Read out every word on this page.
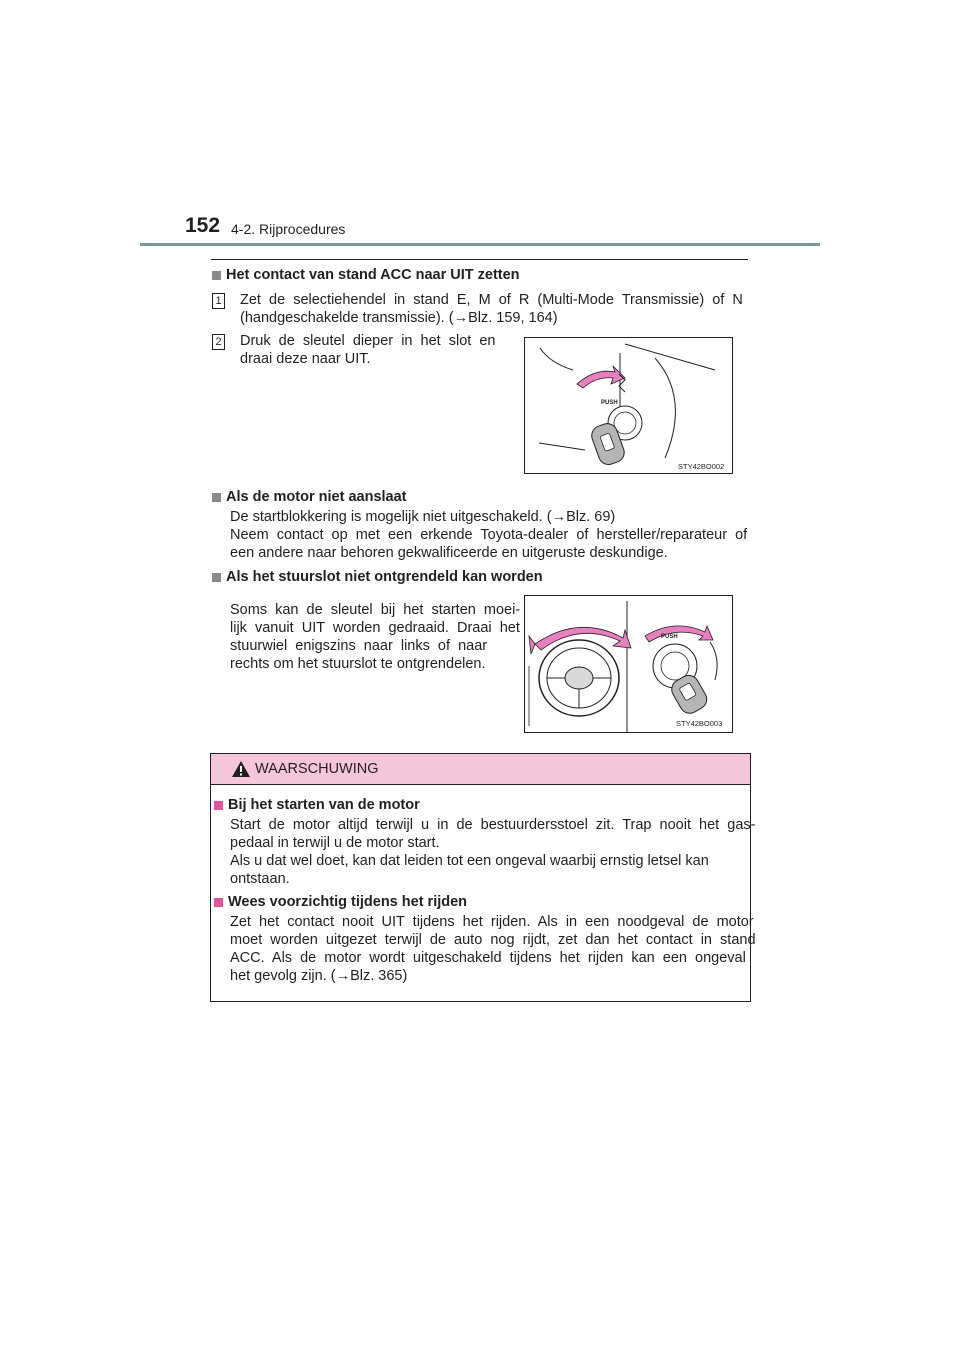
152 4-2. Rijprocedures
Het contact van stand ACC naar UIT zetten
1 Zet  de  selectiehendel  in  stand  E,  M  of  R  (Multi-Mode  Transmissie)  of  N
(handgeschakelde transmissie). (→Blz. 159, 164)
2 Druk  de  sleutel  dieper  in  het  slot  en
draai deze naar UIT.
PUSH
STY42BO002
Als de motor niet aanslaat
De startblokkering is mogelijk niet uitgeschakeld. (→Blz. 69)
Neem  contact  op  met  een  erkende  Toyota-dealer  of  hersteller/reparateur  of
een andere naar behoren gekwalificeerde en uitgeruste deskundige.
Als het stuurslot niet ontgrendeld kan worden
Soms  kan  de  sleutel  bij  het  starten  moei-
lijk  vanuit  UIT  worden  gedraaid.  Draai  het
stuurwiel  enigszins  naar  links  of  naar
rechts om het stuurslot te ontgrendelen.
PUSH
STY42BO003
WAARSCHUWING
Bij het starten van de motor
Start  de  motor  altijd  terwijl  u  in  de  bestuurdersstoel  zit.  Trap  nooit  het  gas-
pedaal in terwijl u de motor start.
Als u dat wel doet, kan dat leiden tot een ongeval waarbij ernstig letsel kan
ontstaan.
Wees voorzichtig tijdens het rijden
Zet  het  contact  nooit  UIT  tijdens  het  rijden.  Als  in  een  noodgeval  de  motor
moet  worden  uitgezet  terwijl  de  auto  nog  rijdt,  zet  dan  het  contact  in  stand
ACC.  Als  de  motor  wordt  uitgeschakeld  tijdens  het  rijden  kan  een  ongeval
het gevolg zijn. (→Blz. 365)
